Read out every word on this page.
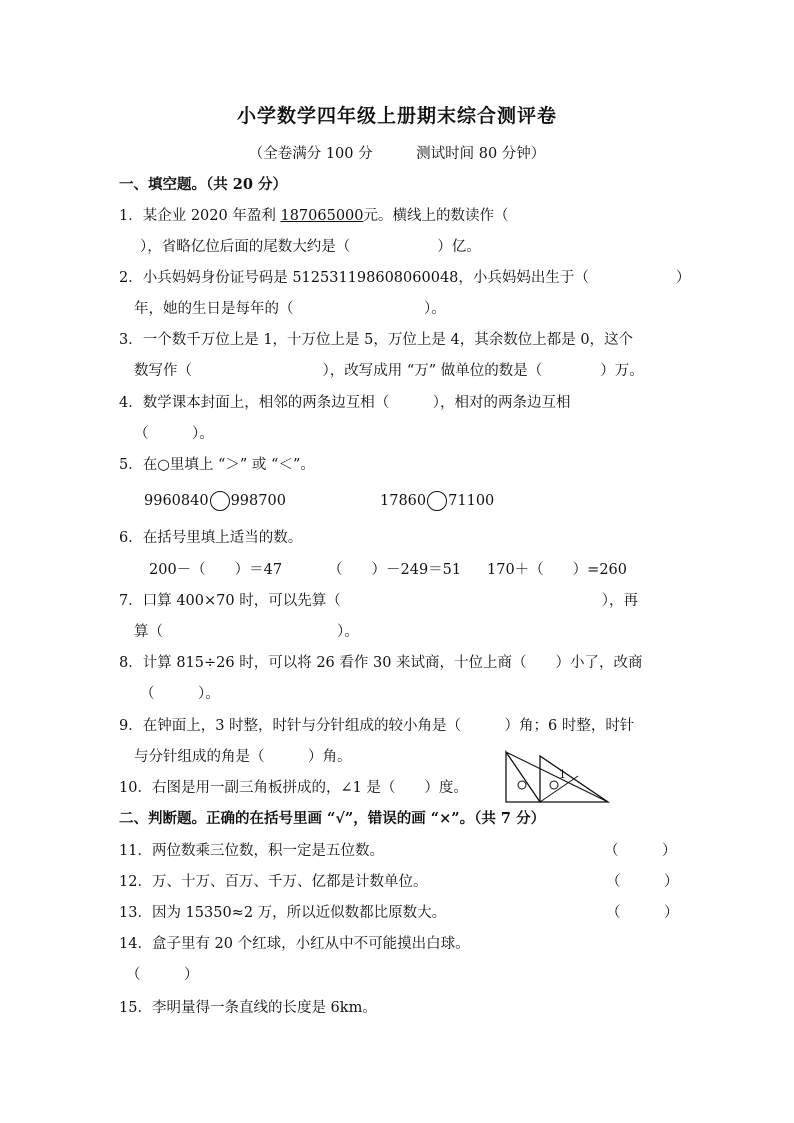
小学数学四年级上册期末综合测评卷
（全卷满分 100 分　　　测试时间 80 分钟）
一、填空题。（共 20 分）
1．某企业 2020 年盈利 187065000元。横线上的数读作（
），省略亿位后面的尾数大约是（　　　　　　）亿。
2．小兵妈妈身份证号码是 512531198608060048，小兵妈妈出生于（　　　　　　）
年，她的生日是每年的（　　　　　　　　　）。
3．一个数千万位上是 1，十万位上是 5，万位上是 4，其余数位上都是 0，这个
数写作（　　　　　　　　　），改写成用 “万” 做单位的数是（　　　　）万。
4．数学课本封面上，相邻的两条边互相（　　　），相对的两条边互相
（　　　）。
5．在○里填上 “＞” 或 “＜”。
9960840 998700	17860 71100
6．在括号里填上适当的数。
200－（　　）＝47	（　　）－249＝51 170＋（　　）=260
7．口算 400×70 时，可以先算（　　　　　　　　　　　　　　　　　　），再
算（　　　　　　　　　　　　）。
8．计算 815÷26 时，可以将 26 看作 30 来试商，十位上商（　　）小了，改商
（　　　）。
9．在钟面上，3 时整，时针与分针组成的较小角是（　　　）角；6 时整，时针
与分针组成的角是（　　　）角。
10．右图是用一副三角板拼成的，∠1 是（　　）度。
1
二、判断题。正确的在括号里画 “√”，错误的画 “×”。（共 7 分）
11．两位数乘三位数，积一定是五位数。	（　　　）
12．万、十万、百万、千万、亿都是计数单位。	（　　　）
13．因为 15350≈2 万，所以近似数都比原数大。	（　　　）
14．盒子里有 20 个红球，小红从中不可能摸出白球。
（　　　）
15．李明量得一条直线的长度是 6km。
